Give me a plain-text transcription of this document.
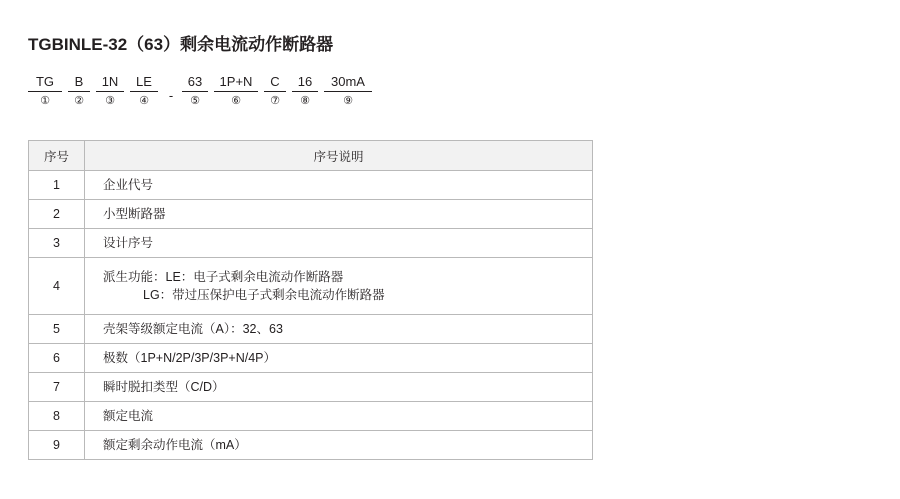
TGBINLE-32（63）剩余电流动作断路器
TG
①
B
②
1N
③
LE
④	-
63
⑤
1P+N
⑥
C
⑦
16
⑧
30mA
⑨
序号	序号说明
1	企业代号
2	小型断路器
3	设计序号
4	派生功能：LE：电子式剩余电流动作断路器
LG：带过压保护电子式剩余电流动作断路器

5	壳架等级额定电流（A）：32、63
6	极数（1P+N/2P/3P/3P+N/4P）
7	瞬时脱扣类型（C/D）
8	额定电流
9	额定剩余动作电流（mA）
